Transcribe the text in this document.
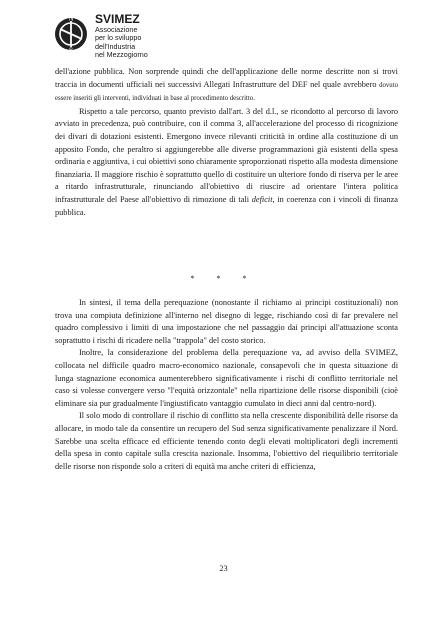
N
S
SVIMEZ
Associazione
per lo sviluppo
dell'Industria
nel Mezzogiorno

dell'azione pubblica. Non sorprende quindi che dell'applicazione delle norme descritte non si trovi traccia in documenti ufficiali nei successivi Allegati Infrastrutture del DEF nel quale avrebbero dovuto essere inseriti gli interventi, individuati in base al procedimento descritto.

Rispetto a tale percorso, quanto previsto dall'art. 3 del d.l., se ricondotto al percorso di lavoro avviato in precedenza, può contribuire, con il comma 3, all'accelerazione del processo di ricognizione dei divari di dotazioni esistenti. Emergono invece rilevanti criticità in ordine alla costituzione di un apposito Fondo, che peraltro si aggiungerebbe alle diverse programmazioni già esistenti della spesa ordinaria e aggiuntiva, i cui obiettivi sono chiaramente sproporzionati rispetto alla modesta dimensione finanziaria. Il maggiore rischio è soprattutto quello di costituire un ulteriore fondo di riserva per le aree a ritardo infrastrutturale, rinunciando all'obiettivo di riuscire ad orientare l'intera politica infrastrutturale del Paese all'obiettivo di rimozione di tali deficit, in coerenza con i vincoli di finanza pubblica.

* * *

In sintesi, il tema della perequazione (nonostante il richiamo ai principi costituzionali) non trova una compiuta definizione all'interno nel disegno di legge, rischiando così di far prevalere nel quadro complessivo i limiti di una impostazione che nel passaggio dai principi all'attuazione sconta soprattutto i rischi di ricadere nella "trappola" del costo storico.

Inoltre, la considerazione del problema della perequazione va, ad avviso della SVIMEZ, collocata nel difficile quadro macro-economico nazionale, consapevoli che in questa situazione di lunga stagnazione economica aumenterebbero significativamente i rischi di conflitto territoriale nel caso si volesse convergere verso "l'equità orizzontale" nella ripartizione delle risorse disponibili (cioè eliminare sia pur gradualmente l'ingiustificato vantaggio cumulato in dieci anni dal centro-nord).

Il solo modo di controllare il rischio di conflitto sta nella crescente disponibilità delle risorse da allocare, in modo tale da consentire un recupero del Sud senza significativamente penalizzare il Nord. Sarebbe una scelta efficace ed efficiente tenendo conto degli elevati moltiplicatori degli incrementi della spesa in conto capitale sulla crescita nazionale. Insomma, l'obiettivo del riequilibrio territoriale delle risorse non risponde solo a criteri di equità ma anche criteri di efficienza,

23
